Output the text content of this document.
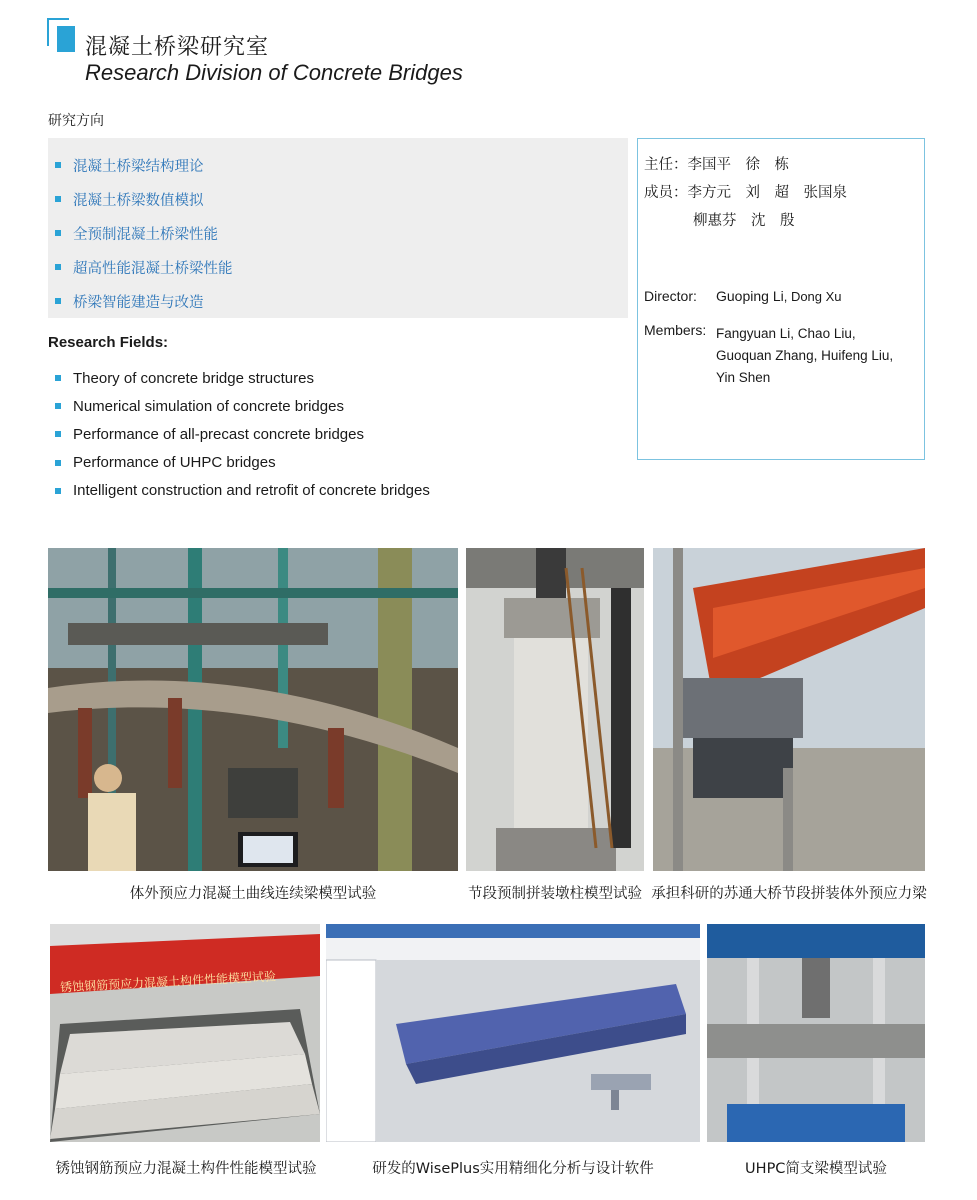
混凝土桥梁研究室
Research Division of Concrete Bridges
研究方向
混凝土桥梁结构理论
混凝土桥梁数值模拟
全预制混凝土桥梁性能
超高性能混凝土桥梁性能
桥梁智能建造与改造
Research Fields:
Theory of concrete bridge structures
Numerical simulation of concrete bridges
Performance of all-precast concrete bridges
Performance of UHPC bridges
Intelligent construction and retrofit of concrete bridges
主任：李国平　徐　栋
成员：李方元　刘　超　张国泉
柳惠芬　沈　殷
Director: Guoping Li, Dong Xu
Members: Fangyuan Li, Chao Liu,
Guoquan Zhang, Huifeng Liu,
Yin Shen
体外预应力混凝土曲线连续梁模型试验	节段预制拼装墩柱模型试验 承担科研的苏通大桥节段拼装体外预应力梁
锈蚀钢筋预应力混凝土构件性能模型试验
锈蚀钢筋预应力混凝土构件性能模型试验	研发的WisePlus实用精细化分析与设计软件	UHPC简支梁模型试验
